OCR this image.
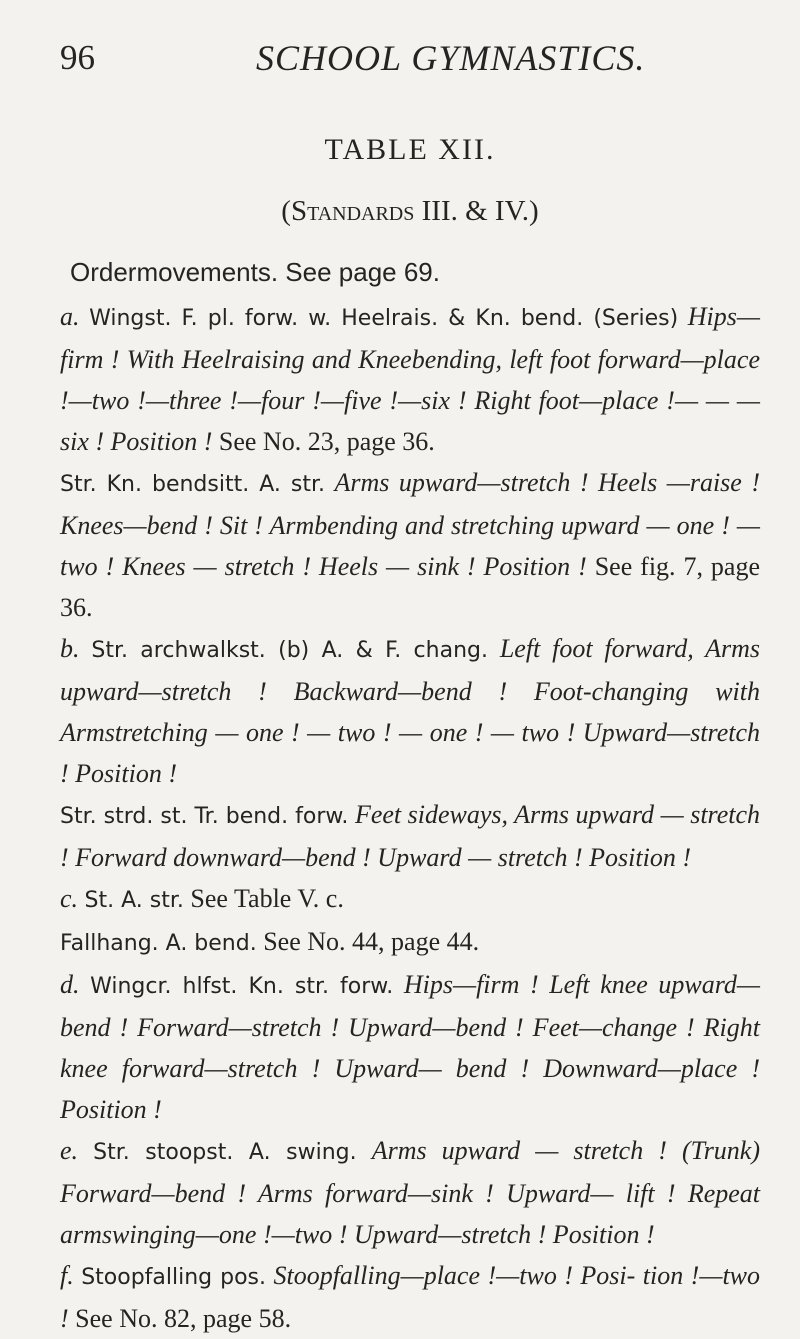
96	SCHOOL GYMNASTICS.
TABLE XII.
(Standards III. & IV.)
Ordermovements. See page 69.

a. Wingst. F. pl. forw. w. Heelrais. & Kn. bend. (Series) Hips—firm ! With Heelraising and Kneebending, left foot forward—place !—two !—three !—four !—five !—six ! Right foot—place !— — — six ! Position ! See No. 23, page 36.

Str. Kn. bendsitt. A. str. Arms upward—stretch ! Heels —raise ! Knees—bend ! Sit ! Armbending and stretching upward — one ! — two ! Knees — stretch ! Heels — sink ! Position ! See fig. 7, page 36.

b. Str. archwalkst. (b) A. & F. chang. Left foot forward, Arms upward—stretch ! Backward—bend ! Foot-changing with Armstretching — one ! — two ! — one ! — two ! Upward—stretch ! Position !

Str. strd. st. Tr. bend. forw. Feet sideways, Arms upward — stretch ! Forward downward—bend ! Upward — stretch ! Position !

c. St. A. str. See Table V. c.

Fallhang. A. bend. See No. 44, page 44.

d. Wingcr. hlfst. Kn. str. forw. Hips—firm ! Left knee upward—bend ! Forward—stretch ! Upward—bend ! Feet—change ! Right knee forward—stretch ! Upward— bend ! Downward—place ! Position !

e. Str. stoopst. A. swing. Arms upward — stretch ! (Trunk) Forward—bend ! Arms forward—sink ! Upward— lift ! Repeat armswinging—one !—two ! Upward—stretch ! Position !

f. Stoopfalling pos. Stoopfalling—place !—two ! Posi- tion !—two ! See No. 82, page 58.
